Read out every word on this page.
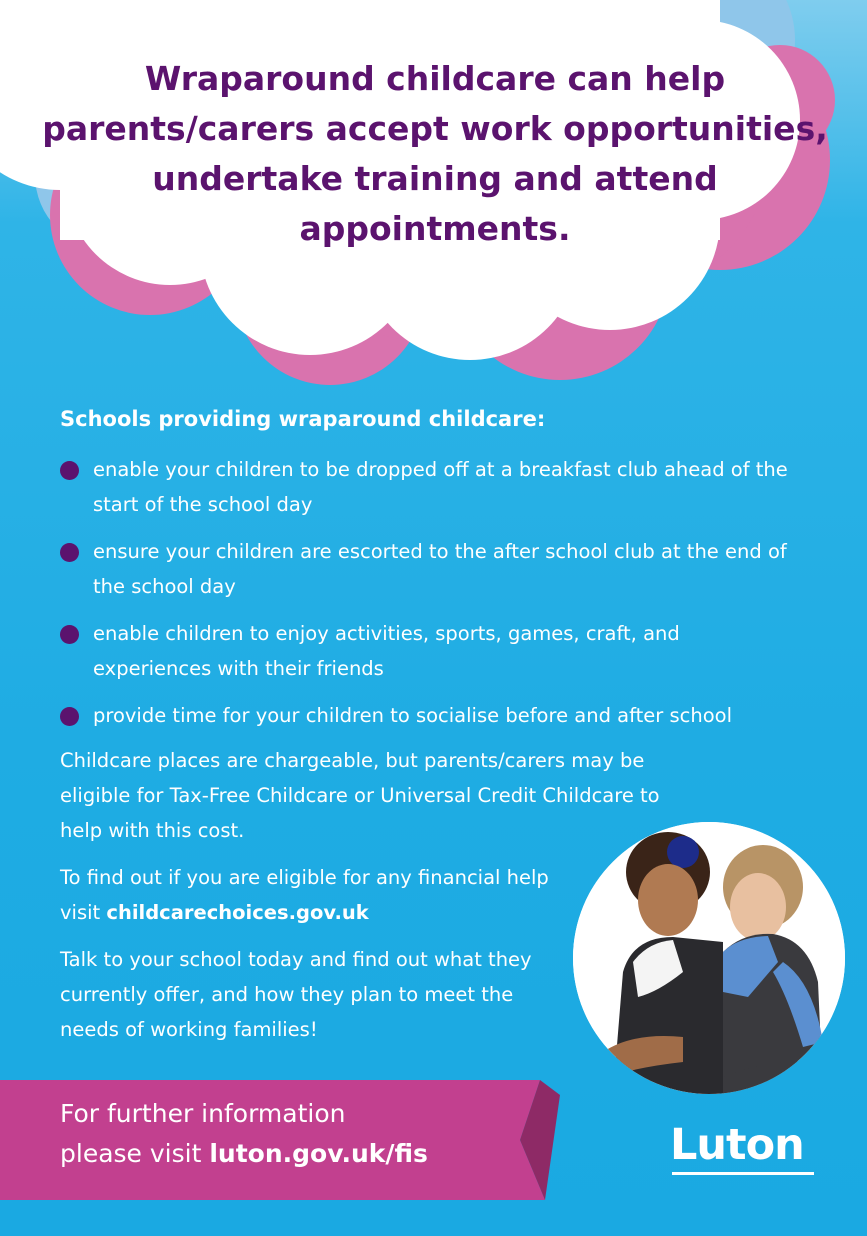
Wraparound childcare can help parents/carers accept work opportunities, undertake training and attend appointments.

Schools providing wraparound childcare:

enable your children to be dropped off at a breakfast club ahead of the start of the school day
ensure your children are escorted to the after school club at the end of the school day
enable children to enjoy activities, sports, games, craft, and experiences with their friends
provide time for your children to socialise before and after school

Childcare places are chargeable, but parents/carers may be eligible for Tax-Free Childcare or Universal Credit Childcare to help with this cost.

To find out if you are eligible for any financial help visit childcarechoices.gov.uk

Talk to your school today and find out what they currently offer, and how they plan to meet the needs of working families!

For further information
please visit luton.gov.uk/fis	Luton
